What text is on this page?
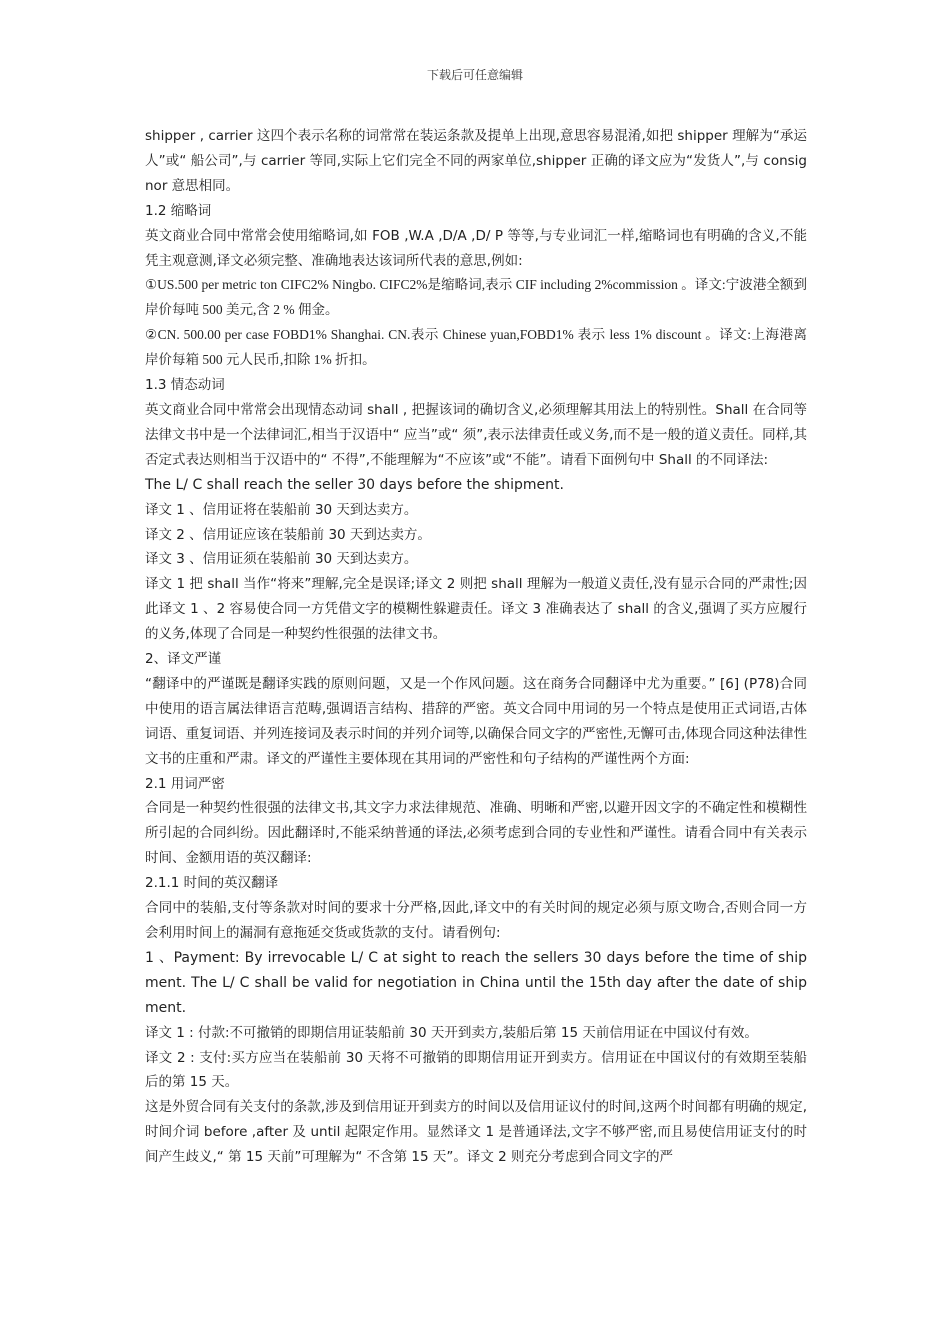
下载后可任意编辑

shipper , carrier 这四个表示名称的词常常在装运条款及提单上出现,意思容易混淆,如把 shipper 理解为“承运人”或“ 船公司”,与 carrier 等同,实际上它们完全不同的两家单位,shipper 正确的译文应为“发货人”,与 consignor 意思相同。

1.2 缩略词

英文商业合同中常常会使用缩略词,如 FOB ,W.A ,D/A ,D/ P 等等,与专业词汇一样,缩略词也有明确的含义,不能凭主观意测,译文必须完整、准确地表达该词所代表的意思,例如:

①US.500 per metric ton CIFC2% Ningbo. CIFC2%是缩略词,表示 CIF including 2%commission 。译文:宁波港全额到岸价每吨 500 美元,含 2 % 佣金。

②CN. 500.00 per case FOBD1% Shanghai. CN.表示 Chinese yuan,FOBD1% 表示 less 1% discount 。译文:上海港离岸价每箱 500 元人民币,扣除 1% 折扣。

1.3 情态动词

英文商业合同中常常会出现情态动词 shall , 把握该词的确切含义,必须理解其用法上的特别性。Shall 在合同等法律文书中是一个法律词汇,相当于汉语中“ 应当”或“ 须”,表示法律责任或义务,而不是一般的道义责任。同样,其否定式表达则相当于汉语中的“ 不得”,不能理解为“不应该”或“不能”。请看下面例句中 Shall 的不同译法:

The L/ C shall reach the seller 30 days before the shipment.

译文 1 、信用证将在装船前 30 天到达卖方。

译文 2 、信用证应该在装船前 30 天到达卖方。

译文 3 、信用证须在装船前 30 天到达卖方。

译文 1 把 shall 当作“将来”理解,完全是误译;译文 2 则把 shall 理解为一般道义责任,没有显示合同的严肃性;因此译文 1 、2 容易使合同一方凭借文字的模糊性躲避责任。译文 3 准确表达了 shall 的含义,强调了买方应履行的义务,体现了合同是一种契约性很强的法律文书。

2、译文严谨

“翻译中的严谨既是翻译实践的原则问题，又是一个作风问题。这在商务合同翻译中尤为重要。” [6] (P78)合同中使用的语言属法律语言范畴,强调语言结构、措辞的严密。英文合同中用词的另一个特点是使用正式词语,古体词语、重复词语、并列连接词及表示时间的并列介词等,以确保合同文字的严密性,无懈可击,体现合同这种法律性文书的庄重和严肃。译文的严谨性主要体现在其用词的严密性和句子结构的严谨性两个方面:

2.1 用词严密

合同是一种契约性很强的法律文书,其文字力求法律规范、准确、明晰和严密,以避开因文字的不确定性和模糊性所引起的合同纠纷。因此翻译时,不能采纳普通的译法,必须考虑到合同的专业性和严谨性。请看合同中有关表示时间、金额用语的英汉翻译:

2.1.1 时间的英汉翻译

合同中的装船,支付等条款对时间的要求十分严格,因此,译文中的有关时间的规定必须与原文吻合,否则合同一方会利用时间上的漏洞有意拖延交货或货款的支付。请看例句:

1 、Payment: By irrevocable L/ C at sight to reach the sellers 30 days before the time of shipment. The L/ C shall be valid for negotiation in China until the 15th day after the date of shipment.

译文 1 : 付款:不可撤销的即期信用证装船前 30 天开到卖方,装船后第 15 天前信用证在中国议付有效。

译文 2 : 支付:买方应当在装船前 30 天将不可撤销的即期信用证开到卖方。信用证在中国议付的有效期至装船后的第 15 天。

这是外贸合同有关支付的条款,涉及到信用证开到卖方的时间以及信用证议付的时间,这两个时间都有明确的规定,时间介词 before ,after 及 until 起限定作用。显然译文 1 是普通译法,文字不够严密,而且易使信用证支付的时间产生歧义,“ 第 15 天前”可理解为“ 不含第 15 天”。译文 2 则充分考虑到合同文字的严
